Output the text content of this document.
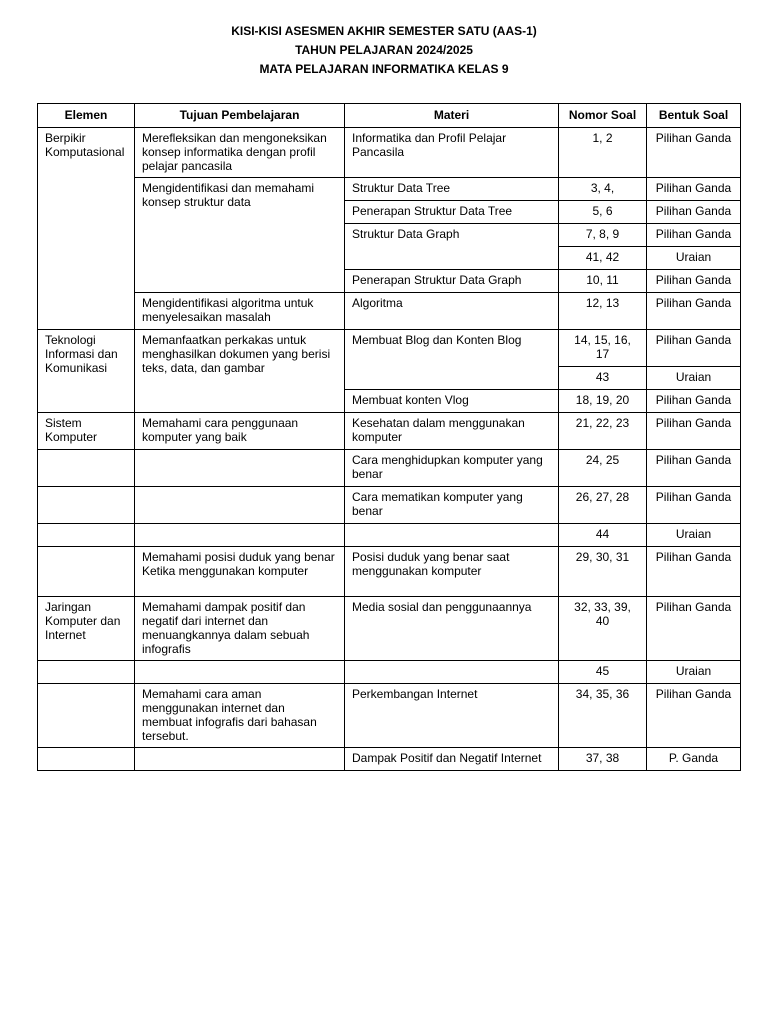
KISI-KISI ASESMEN AKHIR SEMESTER SATU (AAS-1)
TAHUN PELAJARAN 2024/2025
MATA PELAJARAN INFORMATIKA KELAS 9
Elemen	Tujuan Pembelajaran	Materi	Nomor Soal	Bentuk Soal
Berpikir Komputasional	Merefleksikan dan mengoneksikan konsep informatika dengan profil pelajar pancasila	Informatika dan Profil Pelajar Pancasila	1, 2	Pilihan Ganda
	Mengidentifikasi dan memahami konsep struktur data	Struktur Data Tree	3, 4,	Pilihan Ganda
		Penerapan Struktur Data Tree	5, 6	Pilihan Ganda
		Struktur Data Graph	7, 8, 9	Pilihan Ganda
			41, 42	Uraian
		Penerapan Struktur Data Graph	10, 11	Pilihan Ganda
	Mengidentifikasi algoritma untuk menyelesaikan masalah	Algoritma	12, 13	Pilihan Ganda
Teknologi Informasi dan Komunikasi	Memanfaatkan perkakas untuk menghasilkan dokumen yang berisi teks, data, dan gambar	Membuat Blog dan Konten Blog	14, 15, 16, 17	Pilihan Ganda
			43	Uraian
		Membuat konten Vlog	18, 19, 20	Pilihan Ganda
Sistem Komputer	Memahami cara penggunaan komputer yang baik	Kesehatan dalam menggunakan komputer	21, 22, 23	Pilihan Ganda
		Cara menghidupkan komputer yang benar	24, 25	Pilihan Ganda
		Cara mematikan komputer yang benar	26, 27, 28	Pilihan Ganda
			44	Uraian
	Memahami posisi duduk yang benar Ketika menggunakan komputer	Posisi duduk yang benar saat menggunakan komputer	29, 30, 31	Pilihan Ganda
Jaringan Komputer dan Internet	Memahami dampak positif dan negatif dari internet dan menuangkannya dalam sebuah infografis	Media sosial dan penggunaannya	32, 33, 39, 40	Pilihan Ganda
			45	Uraian
	Memahami cara aman menggunakan internet dan membuat infografis dari bahasan tersebut.	Perkembangan Internet	34, 35, 36	Pilihan Ganda
		Dampak Positif dan Negatif Internet	37, 38	P. Ganda
